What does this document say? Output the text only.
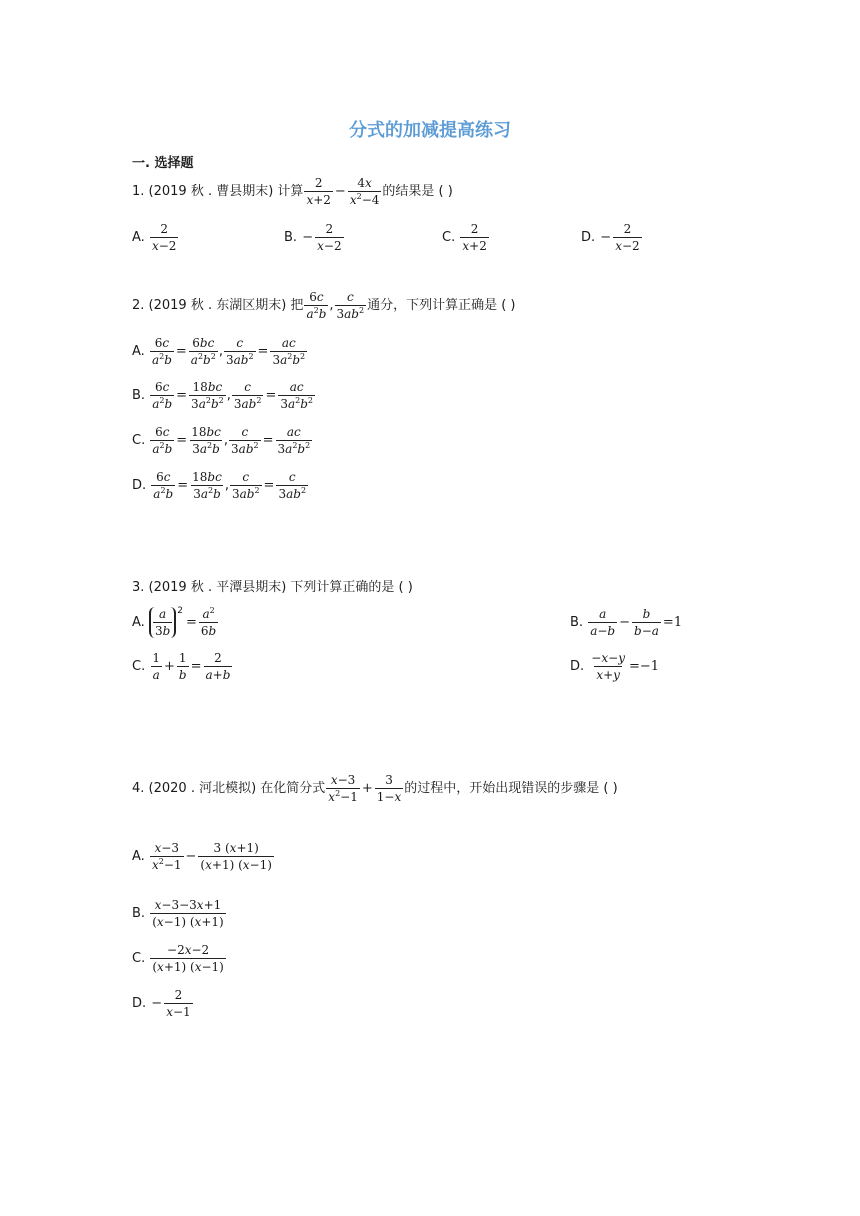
分式的加减提高练习
一. 选择题
1. (2019 秋 . 曹县期末) 计算
2
x+2
− $\frac{4x}{x^2-4}$ 的结果是 ( )
A.

2
x−2
B.
− $\frac{2}{x-2}$	C.

2
x+2
D.
− $\frac{2}{x-2}$
2. (2019 秋 . 东湖区期末) 把
6c
$a^2b$
,
c
$3ab^2$ 通分，下列计算正确是 ( )
A.
$\frac{6c}{a^2b} = \frac{6bc}{a^2b^2}$ , $\frac{c}{3ab^2} = \frac{ac}{3a^2b^2}$
B.
$\frac{6c}{a^2b} = \frac{18bc}{3a^2b^2}$ , $\frac{c}{3ab^2} = \frac{ac}{3a^2b^2}$
C.
$\frac{6c}{a^2b} = \frac{18bc}{3a^2b}$ , $\frac{c}{3ab^2} = \frac{ac}{3a^2b^2}$
D.
$\frac{6c}{a^2b} = \frac{18bc}{3a^2b}$ , $\frac{c}{3ab^2} = \frac{c}{3ab^2}$
3. (2019 秋 . 平潭县期末) 下列计算正确的是 ( )
A.

a
3b
2
= $\frac{a^2}{6b}$	B.

a
a−b
− $\frac{b}{b-a} =1$
C.

1
a
+ $\frac{1}{b} = \frac{2}{a+b}$	D.
$\frac{-x-y}{x+y} =-1$
4. (2020 . 河北模拟) 在化简分式
x−3
$x^2-1$
+ $\frac{3}{1-x}$ 的过程中，开始出现错误的步骤是 ( )
A.

x−3
$x^2-1$
− $\frac{3 (x+1)}{(x+1) (x-1)}$
B.

x−3−3x+1
(x−1) (x+1)
C.

−2x−2
(x+1) (x−1)
D.
− $\frac{2}{x-1}$
